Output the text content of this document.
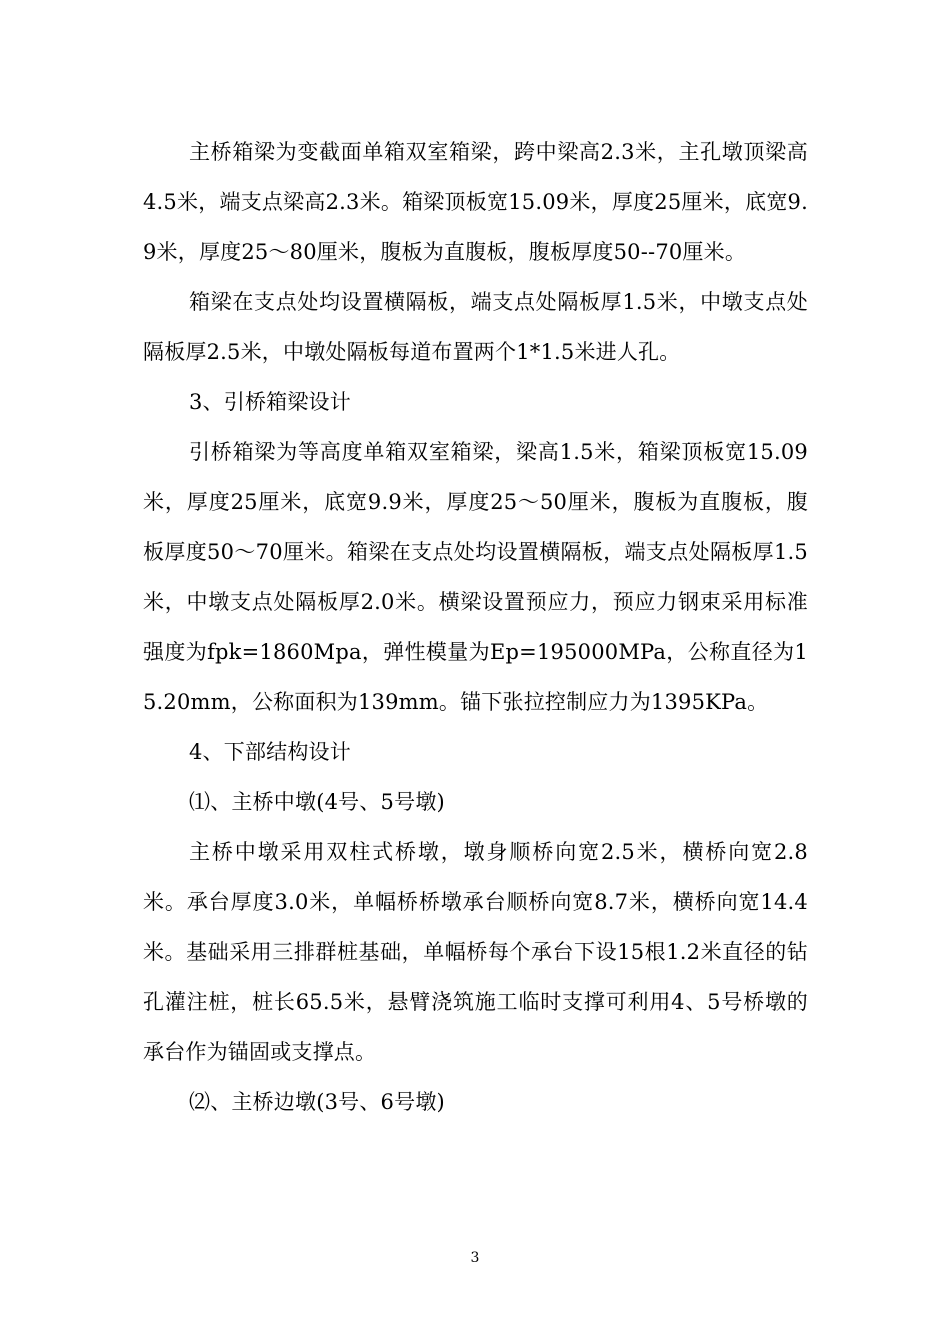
主桥箱梁为变截面单箱双室箱梁，跨中梁高2.3米，主孔墩顶梁高4.5米，端支点梁高2.3米。箱梁顶板宽15.09米，厚度25厘米，底宽9.9米，厚度25～80厘米，腹板为直腹板，腹板厚度50--70厘米。

箱梁在支点处均设置横隔板，端支点处隔板厚1.5米，中墩支点处隔板厚2.5米，中墩处隔板每道布置两个1*1.5米进人孔。

3、引桥箱梁设计

引桥箱梁为等高度单箱双室箱梁，梁高1.5米，箱梁顶板宽15.09米，厚度25厘米，底宽9.9米，厚度25～50厘米，腹板为直腹板，腹板厚度50～70厘米。箱梁在支点处均设置横隔板，端支点处隔板厚1.5米，中墩支点处隔板厚2.0米。横梁设置预应力，预应力钢束采用标准强度为fpk=1860Mpa，弹性模量为Ep=195000MPa，公称直径为15.20mm，公称面积为139mm。锚下张拉控制应力为1395KPa。

4、下部结构设计

⑴、主桥中墩(4号、5号墩)

主桥中墩采用双柱式桥墩，墩身顺桥向宽2.5米，横桥向宽2.8米。承台厚度3.0米，单幅桥桥墩承台顺桥向宽8.7米，横桥向宽14.4米。基础采用三排群桩基础，单幅桥每个承台下设15根1.2米直径的钻孔灌注桩，桩长65.5米，悬臂浇筑施工临时支撑可利用4、5号桥墩的承台作为锚固或支撑点。

⑵、主桥边墩(3号、6号墩)

3
